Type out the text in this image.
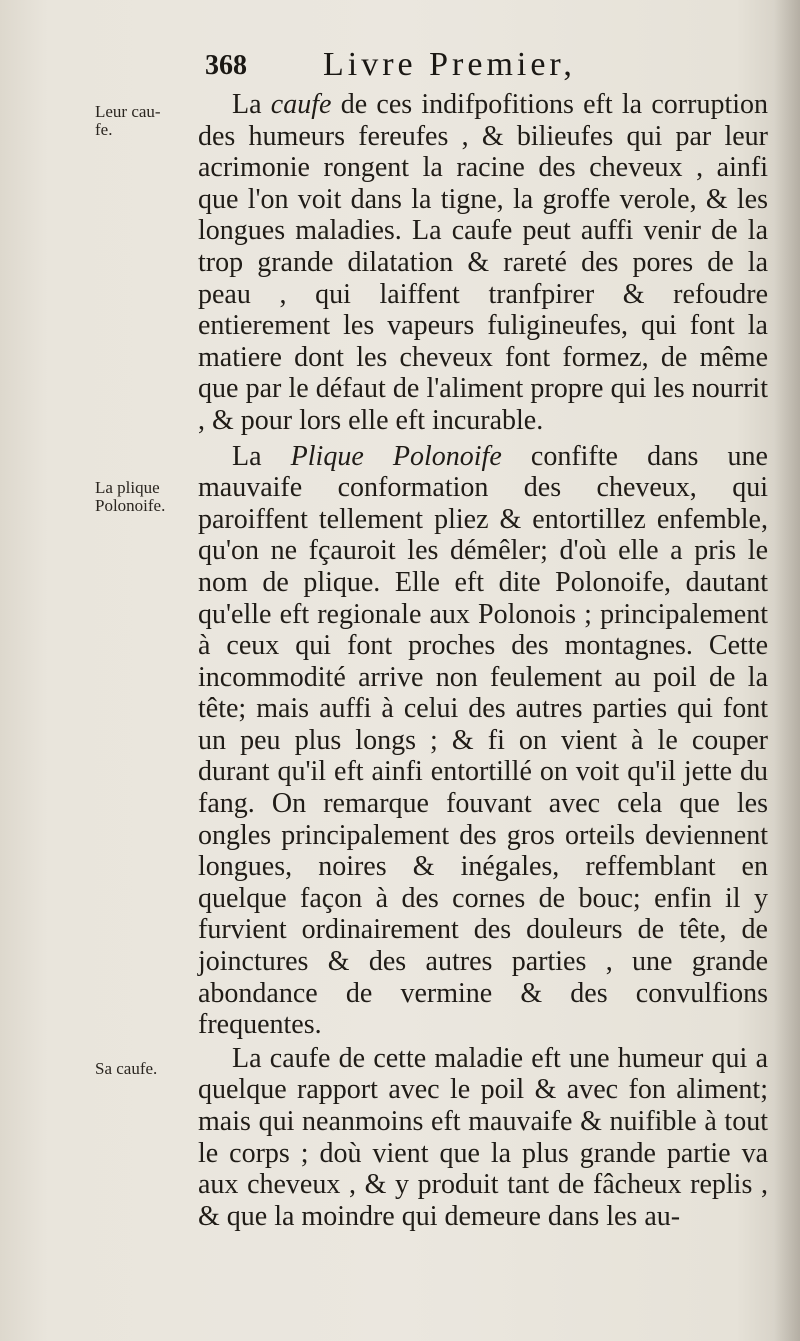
368 Livre Premier,
Leur cau-
fe.
La plique
Polonoife.
Sa caufe.

La caufe de ces indifpofitions eft la corruption des humeurs fereufes , & bilieufes qui par leur acrimonie rongent la racine des cheveux , ainfi que l'on voit dans la tigne, la groffe verole, & les longues maladies. La caufe peut auffi venir de la trop grande dilatation & rareté des pores de la peau , qui laiffent tranfpirer & refoudre entierement les vapeurs fuligineufes, qui font la matiere dont les cheveux font formez, de même que par le défaut de l'aliment propre qui les nourrit , & pour lors elle eft incurable.

La Plique Polonoife confifte dans une mauvaife conformation des cheveux, qui paroiffent tellement pliez & entortillez enfemble, qu'on ne fçauroit les démêler; d'où elle a pris le nom de plique. Elle eft dite Polonoife, dautant qu'elle eft regionale aux Polonois ; principalement à ceux qui font proches des montagnes. Cette incommodité arrive non feulement au poil de la tête; mais auffi à celui des autres parties qui font un peu plus longs ; & fi on vient à le couper durant qu'il eft ainfi entortillé on voit qu'il jette du fang. On remarque fouvant avec cela que les ongles principalement des gros orteils deviennent longues, noires & inégales, reffemblant en quelque façon à des cornes de bouc; enfin il y furvient ordinairement des douleurs de tête, de joinctures & des autres parties , une grande abondance de vermine & des convulfions frequentes.

La caufe de cette maladie eft une humeur qui a quelque rapport avec le poil & avec fon aliment; mais qui neanmoins eft mauvaife & nuifible à tout le corps ; doù vient que la plus grande partie va aux cheveux , & y produit tant de fâcheux replis , & que la moindre qui demeure dans les au-
